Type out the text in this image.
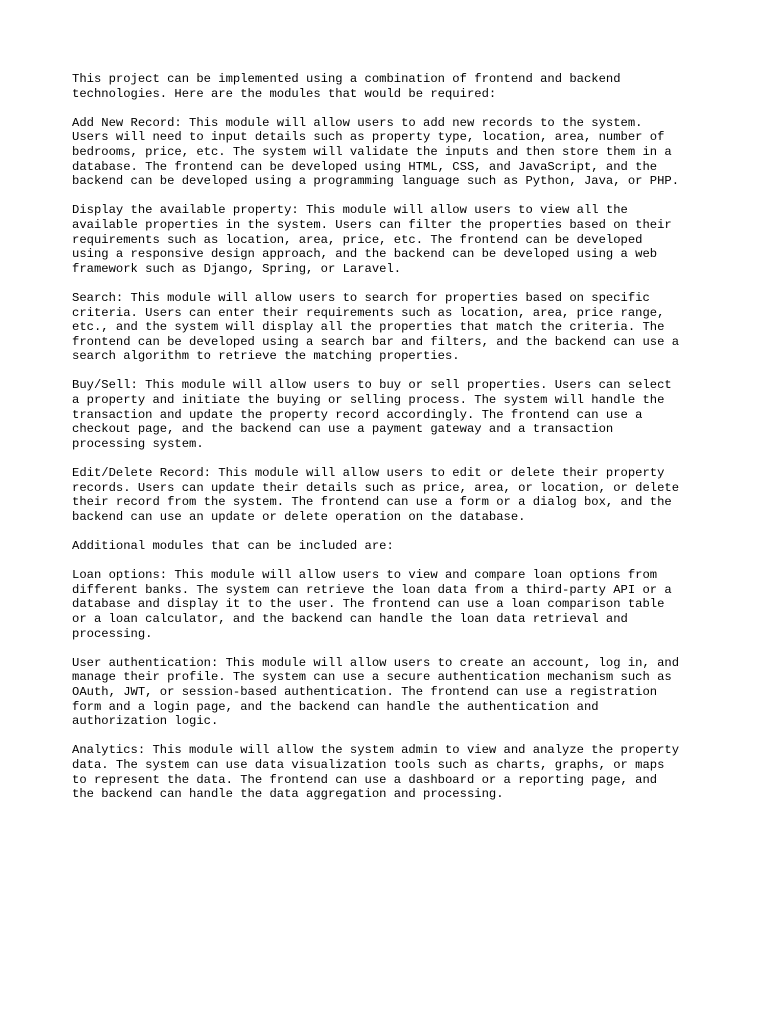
This project can be implemented using a combination of frontend and backend
technologies. Here are the modules that would be required:

Add New Record: This module will allow users to add new records to the system.
Users will need to input details such as property type, location, area, number of
bedrooms, price, etc. The system will validate the inputs and then store them in a
database. The frontend can be developed using HTML, CSS, and JavaScript, and the
backend can be developed using a programming language such as Python, Java, or PHP.

Display the available property: This module will allow users to view all the
available properties in the system. Users can filter the properties based on their
requirements such as location, area, price, etc. The frontend can be developed
using a responsive design approach, and the backend can be developed using a web
framework such as Django, Spring, or Laravel.

Search: This module will allow users to search for properties based on specific
criteria. Users can enter their requirements such as location, area, price range,
etc., and the system will display all the properties that match the criteria. The
frontend can be developed using a search bar and filters, and the backend can use a
search algorithm to retrieve the matching properties.

Buy/Sell: This module will allow users to buy or sell properties. Users can select
a property and initiate the buying or selling process. The system will handle the
transaction and update the property record accordingly. The frontend can use a
checkout page, and the backend can use a payment gateway and a transaction
processing system.

Edit/Delete Record: This module will allow users to edit or delete their property
records. Users can update their details such as price, area, or location, or delete
their record from the system. The frontend can use a form or a dialog box, and the
backend can use an update or delete operation on the database.

Additional modules that can be included are:

Loan options: This module will allow users to view and compare loan options from
different banks. The system can retrieve the loan data from a third-party API or a
database and display it to the user. The frontend can use a loan comparison table
or a loan calculator, and the backend can handle the loan data retrieval and
processing.

User authentication: This module will allow users to create an account, log in, and
manage their profile. The system can use a secure authentication mechanism such as
OAuth, JWT, or session-based authentication. The frontend can use a registration
form and a login page, and the backend can handle the authentication and
authorization logic.

Analytics: This module will allow the system admin to view and analyze the property
data. The system can use data visualization tools such as charts, graphs, or maps
to represent the data. The frontend can use a dashboard or a reporting page, and
the backend can handle the data aggregation and processing.
